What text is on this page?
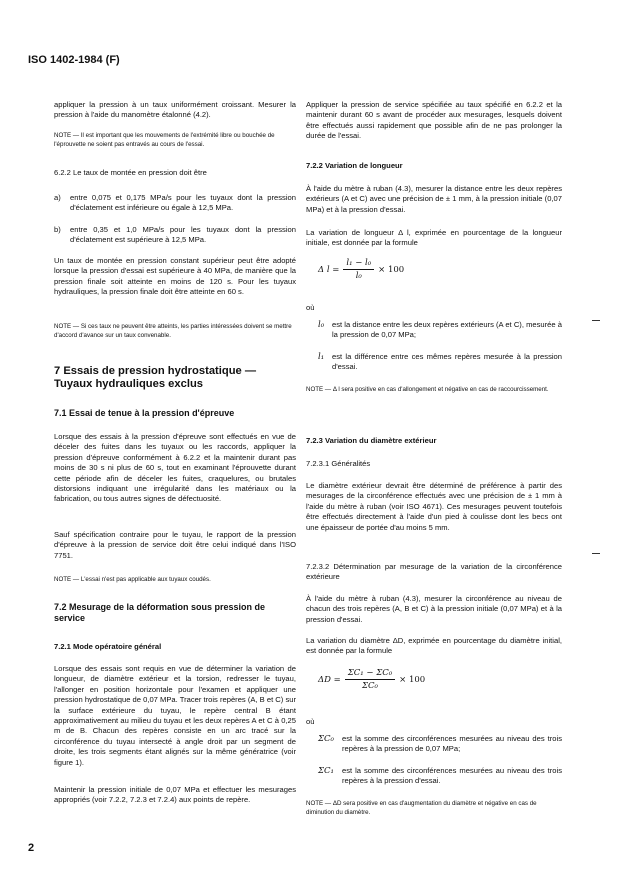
ISO 1402-1984 (F)

appliquer la pression à un taux uniformément croissant. Mesurer la pression à l'aide du manomètre étalonné (4.2).

NOTE — Il est important que les mouvements de l'extrémité libre ou bouchée de l'éprouvette ne soient pas entravés au cours de l'essai.

6.2.2 Le taux de montée en pression doit être

a)	entre 0,075 et 0,175 MPa/s pour les tuyaux dont la pression d'éclatement est inférieure ou égale à 12,5 MPa.

b)	entre 0,35 et 1,0 MPa/s pour les tuyaux dont la pression d'éclatement est supérieure à 12,5 MPa.

Un taux de montée en pression constant supérieur peut être adopté lorsque la pression d'essai est supérieure à 40 MPa, de manière que la pression finale soit atteinte en moins de 120 s. Pour les tuyaux hydrauliques, la pression finale doit être atteinte en 60 s.

NOTE — Si ces taux ne peuvent être atteints, les parties intéressées doivent se mettre d'accord d'avance sur un taux convenable.

7 Essais de pression hydrostatique — Tuyaux hydrauliques exclus

7.1 Essai de tenue à la pression d'épreuve

Lorsque des essais à la pression d'épreuve sont effectués en vue de déceler des fuites dans les tuyaux ou les raccords, appliquer la pression d'épreuve conformément à 6.2.2 et la maintenir durant pas moins de 30 s ni plus de 60 s, tout en examinant l'éprouvette durant cette période afin de déceler les fuites, craquelures, ou brutales distorsions indiquant une irrégularité dans les matériaux ou la fabrication, ou tous autres signes de défectuosité.

Sauf spécification contraire pour le tuyau, le rapport de la pression d'épreuve à la pression de service doit être celui indiqué dans l'ISO 7751.

NOTE — L'essai n'est pas applicable aux tuyaux coudés.

7.2 Mesurage de la déformation sous pression de service

7.2.1 Mode opératoire général

Lorsque des essais sont requis en vue de déterminer la variation de longueur, de diamètre extérieur et la torsion, redresser le tuyau, l'allonger en position horizontale pour l'examen et appliquer une pression hydrostatique de 0,07 MPa. Tracer trois repères (A, B et C) sur la surface extérieure du tuyau, le repère central B étant approximativement au milieu du tuyau et les deux repères A et C à 0,25 m de B. Chacun des repères consiste en un arc tracé sur la circonférence du tuyau intersecté à angle droit par un segment de droite, les trois segments étant alignés sur la même génératrice (voir figure 1).

Maintenir la pression initiale de 0,07 MPa et effectuer les mesurages appropriés (voir 7.2.2, 7.2.3 et 7.2.4) aux points de repère.

Appliquer la pression de service spécifiée au taux spécifié en 6.2.2 et la maintenir durant 60 s avant de procéder aux mesurages, lesquels doivent être effectués aussi rapidement que possible afin de ne pas prolonger la durée de l'essai.

7.2.2 Variation de longueur

À l'aide du mètre à ruban (4.3), mesurer la distance entre les deux repères extérieurs (A et C) avec une précision de ± 1 mm, à la pression initiale (0,07 MPa) et à la pression d'essai.

La variation de longueur Δ l, exprimée en pourcentage de la longueur initiale, est donnée par la formule

Δ $l = \frac{\text{l₁ − l₀}}{\text{l₀}} \times 100$
où
l₀	est la distance entre les deux repères extérieurs (A et C), mesurée à la pression de 0,07 MPa;

l₁	est la différence entre ces mêmes repères mesurée à la pression d'essai.

NOTE — Δ l sera positive en cas d'allongement et négative en cas de raccourcissement.

7.2.3 Variation du diamètre extérieur

7.2.3.1 Généralités

Le diamètre extérieur devrait être déterminé de préférence à partir des mesurages de la circonférence effectués avec une précision de ± 1 mm à l'aide du mètre à ruban (voir ISO 4671). Ces mesurages peuvent toutefois être effectués directement à l'aide d'un pied à coulisse dont les becs ont une épaisseur de portée d'au moins 5 mm.

7.2.3.2 Détermination par mesurage de la variation de la circonférence extérieure

À l'aide du mètre à ruban (4.3), mesurer la circonférence au niveau de chacun des trois repères (A, B et C) à la pression initiale (0,07 MPa) et à la pression d'essai.

La variation du diamètre ΔD, exprimée en pourcentage du diamètre initial, est donnée par la formule

$\Delta D = \frac{\text{ΣC₁ − ΣC₀}}{\text{ΣC₀}} \times 100$
où
ΣC₀	est la somme des circonférences mesurées au niveau des trois repères à la pression de 0,07 MPa;

ΣC₁	est la somme des circonférences mesurées au niveau des trois repères à la pression d'essai.

NOTE — ΔD sera positive en cas d'augmentation du diamètre et négative en cas de diminution du diamètre.

2
